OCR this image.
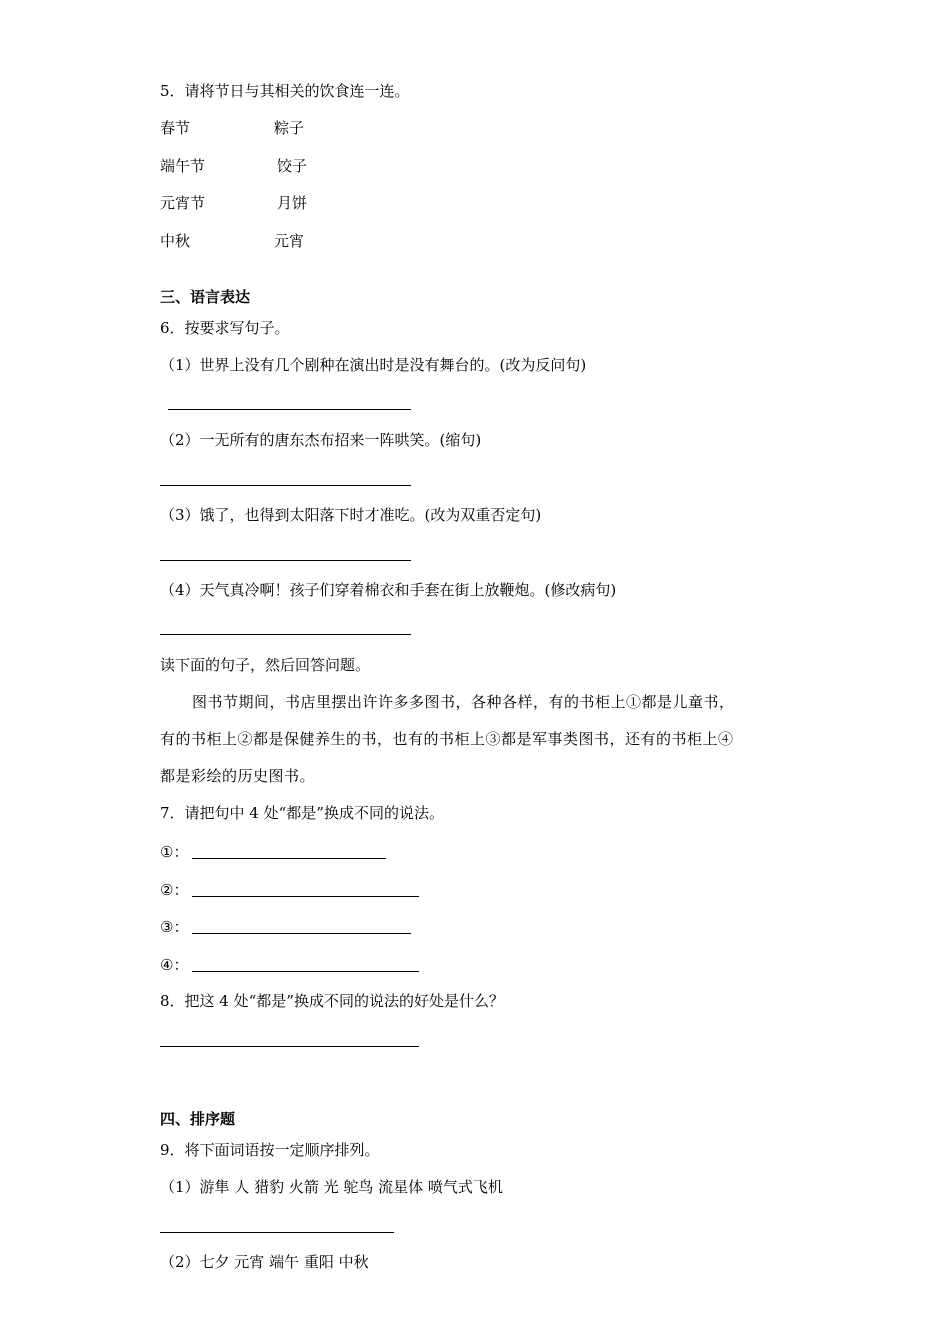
5．请将节日与其相关的饮食连一连。
春节	粽子
端午节	饺子
元宵节	月饼
中秋	元宵
三、语言表达
6．按要求写句子。
（1）世界上没有几个剧种在演出时是没有舞台的。(改为反问句)
（2）一无所有的唐东杰布招来一阵哄笑。(缩句)
（3）饿了，也得到太阳落下时才准吃。(改为双重否定句)
（4）天气真冷啊！孩子们穿着棉衣和手套在街上放鞭炮。(修改病句)
读下面的句子，然后回答问题。
图书节期间，书店里摆出许许多多图书，各种各样，有的书柜上①都是儿童书，
有的书柜上②都是保健养生的书，也有的书柜上③都是军事类图书，还有的书柜上④
都是彩绘的历史图书。
7．请把句中 4 处“都是”换成不同的说法。
①：
②：
③：
④：
8．把这 4 处“都是”换成不同的说法的好处是什么？
四、排序题
9．将下面词语按一定顺序排列。
（1）游隼 人 猎豹 火箭 光 鸵鸟 流星体 喷气式飞机
（2）七夕 元宵 端午 重阳 中秋
